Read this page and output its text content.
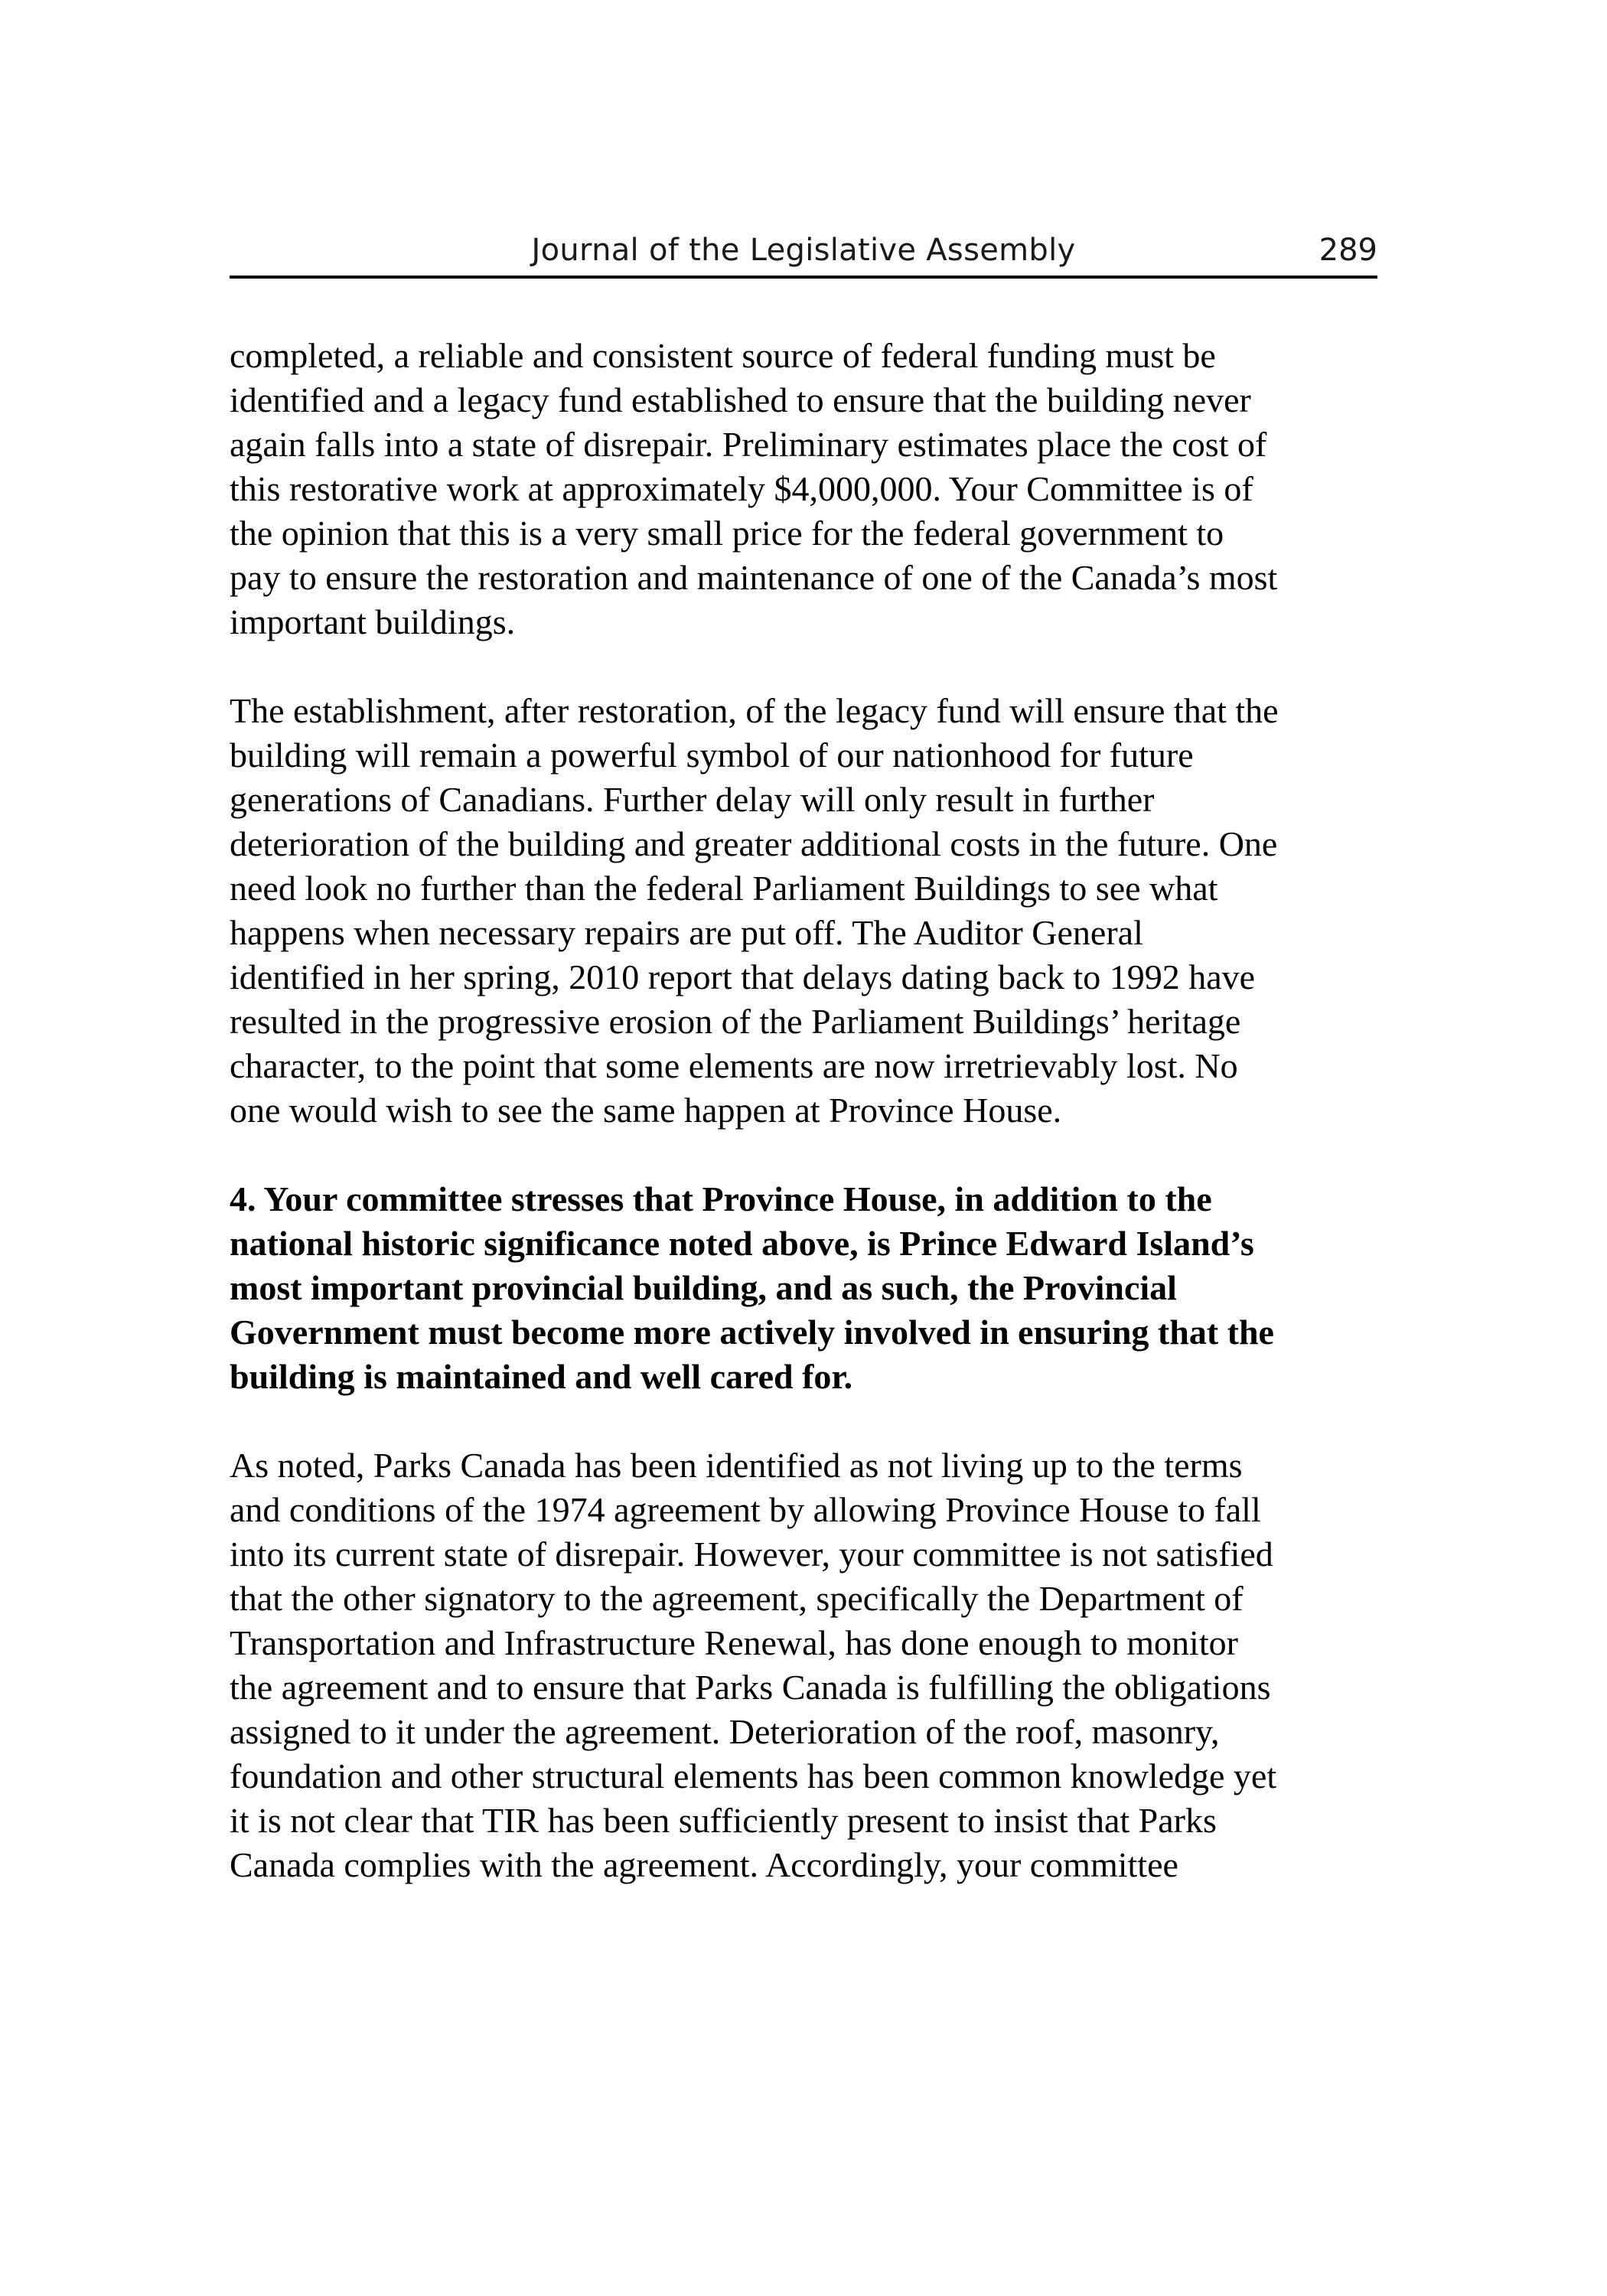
Journal of the Legislative Assembly	289

completed, a reliable and consistent source of federal funding must be
identified and a legacy fund established to ensure that the building never
again falls into a state of disrepair. Preliminary estimates place the cost of
this restorative work at approximately $4,000,000. Your Committee is of
the opinion that this is a very small price for the federal government to
pay to ensure the restoration and maintenance of one of the Canada’s most
important buildings.

The establishment, after restoration, of the legacy fund will ensure that the
building will remain a powerful symbol of our nationhood for future
generations of Canadians. Further delay will only result in further
deterioration of the building and greater additional costs in the future. One
need look no further than the federal Parliament Buildings to see what
happens when necessary repairs are put off. The Auditor General
identified in her spring, 2010 report that delays dating back to 1992 have
resulted in the progressive erosion of the Parliament Buildings’ heritage
character, to the point that some elements are now irretrievably lost. No
one would wish to see the same happen at Province House.

4. Your committee stresses that Province House, in addition to the
national historic significance noted above, is Prince Edward Island’s
most important provincial building, and as such, the Provincial
Government must become more actively involved in ensuring that the
building is maintained and well cared for.

As noted, Parks Canada has been identified as not living up to the terms
and conditions of the 1974 agreement by allowing Province House to fall
into its current state of disrepair. However, your committee is not satisfied
that the other signatory to the agreement, specifically the Department of
Transportation and Infrastructure Renewal, has done enough to monitor
the agreement and to ensure that Parks Canada is fulfilling the obligations
assigned to it under the agreement. Deterioration of the roof, masonry,
foundation and other structural elements has been common knowledge yet
it is not clear that TIR has been sufficiently present to insist that Parks
Canada complies with the agreement. Accordingly, your committee
